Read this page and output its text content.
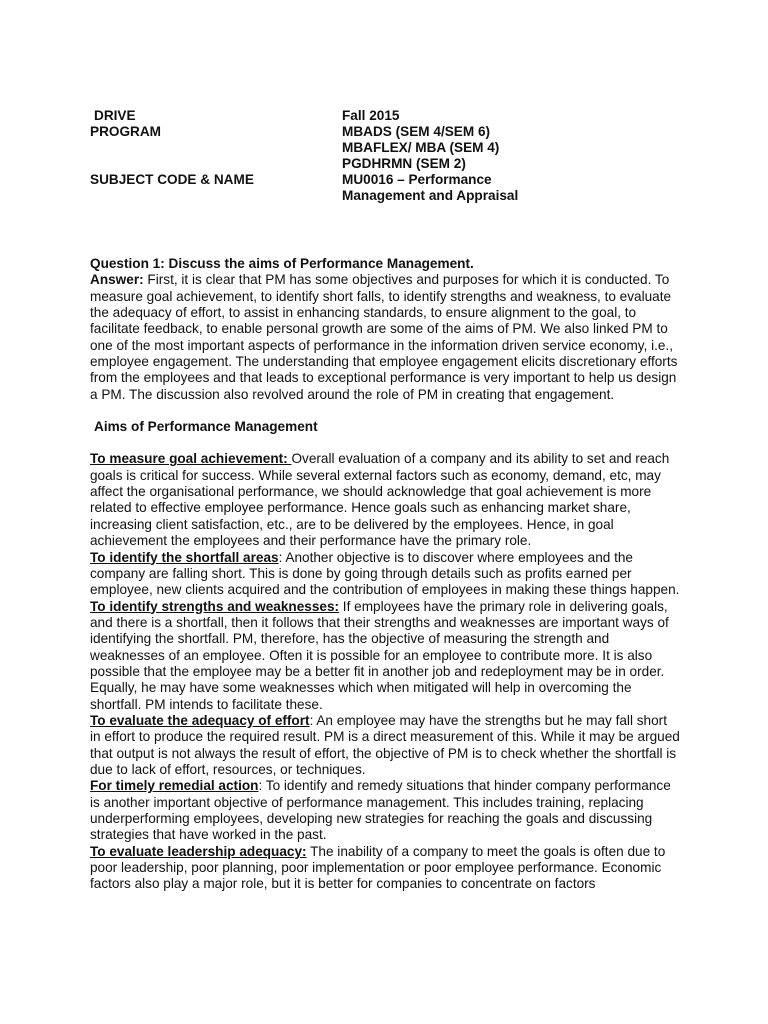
DRIVE	Fall 2015
PROGRAM	MBADS (SEM 4/SEM 6)
MBAFLEX/ MBA (SEM 4)
PGDHRMN (SEM 2)
SUBJECT CODE & NAME	MU0016 – Performance
Management and Appraisal

Question 1: Discuss the aims of Performance Management.

Answer: First, it is clear that PM has some objectives and purposes for which it is conducted. To measure goal achievement, to identify short falls, to identify strengths and weakness, to evaluate the adequacy of effort, to assist in enhancing standards, to ensure alignment to the goal, to facilitate feedback, to enable personal growth are some of the aims of PM. We also linked PM to one of the most important aspects of performance in the information driven service economy, i.e., employee engagement. The understanding that employee engagement elicits discretionary efforts from the employees and that leads to exceptional performance is very important to help us design a PM. The discussion also revolved around the role of PM in creating that engagement.

Aims of Performance Management

To measure goal achievement: Overall evaluation of a company and its ability to set and reach goals is critical for success. While several external factors such as economy, demand, etc, may affect the organisational performance, we should acknowledge that goal achievement is more related to effective employee performance. Hence goals such as enhancing market share, increasing client satisfaction, etc., are to be delivered by the employees. Hence, in goal achievement the employees and their performance have the primary role.

To identify the shortfall areas: Another objective is to discover where employees and the company are falling short. This is done by going through details such as profits earned per employee, new clients acquired and the contribution of employees in making these things happen.

To identify strengths and weaknesses: If employees have the primary role in delivering goals, and there is a shortfall, then it follows that their strengths and weaknesses are important ways of identifying the shortfall. PM, therefore, has the objective of measuring the strength and weaknesses of an employee. Often it is possible for an employee to contribute more. It is also possible that the employee may be a better fit in another job and redeployment may be in order. Equally, he may have some weaknesses which when mitigated will help in overcoming the shortfall. PM intends to facilitate these.

To evaluate the adequacy of effort: An employee may have the strengths but he may fall short in effort to produce the required result. PM is a direct measurement of this. While it may be argued that output is not always the result of effort, the objective of PM is to check whether the shortfall is due to lack of effort, resources, or techniques.

For timely remedial action: To identify and remedy situations that hinder company performance is another important objective of performance management. This includes training, replacing underperforming employees, developing new strategies for reaching the goals and discussing strategies that have worked in the past.

To evaluate leadership adequacy: The inability of a company to meet the goals is often due to poor leadership, poor planning, poor implementation or poor employee performance. Economic factors also play a major role, but it is better for companies to concentrate on factors
